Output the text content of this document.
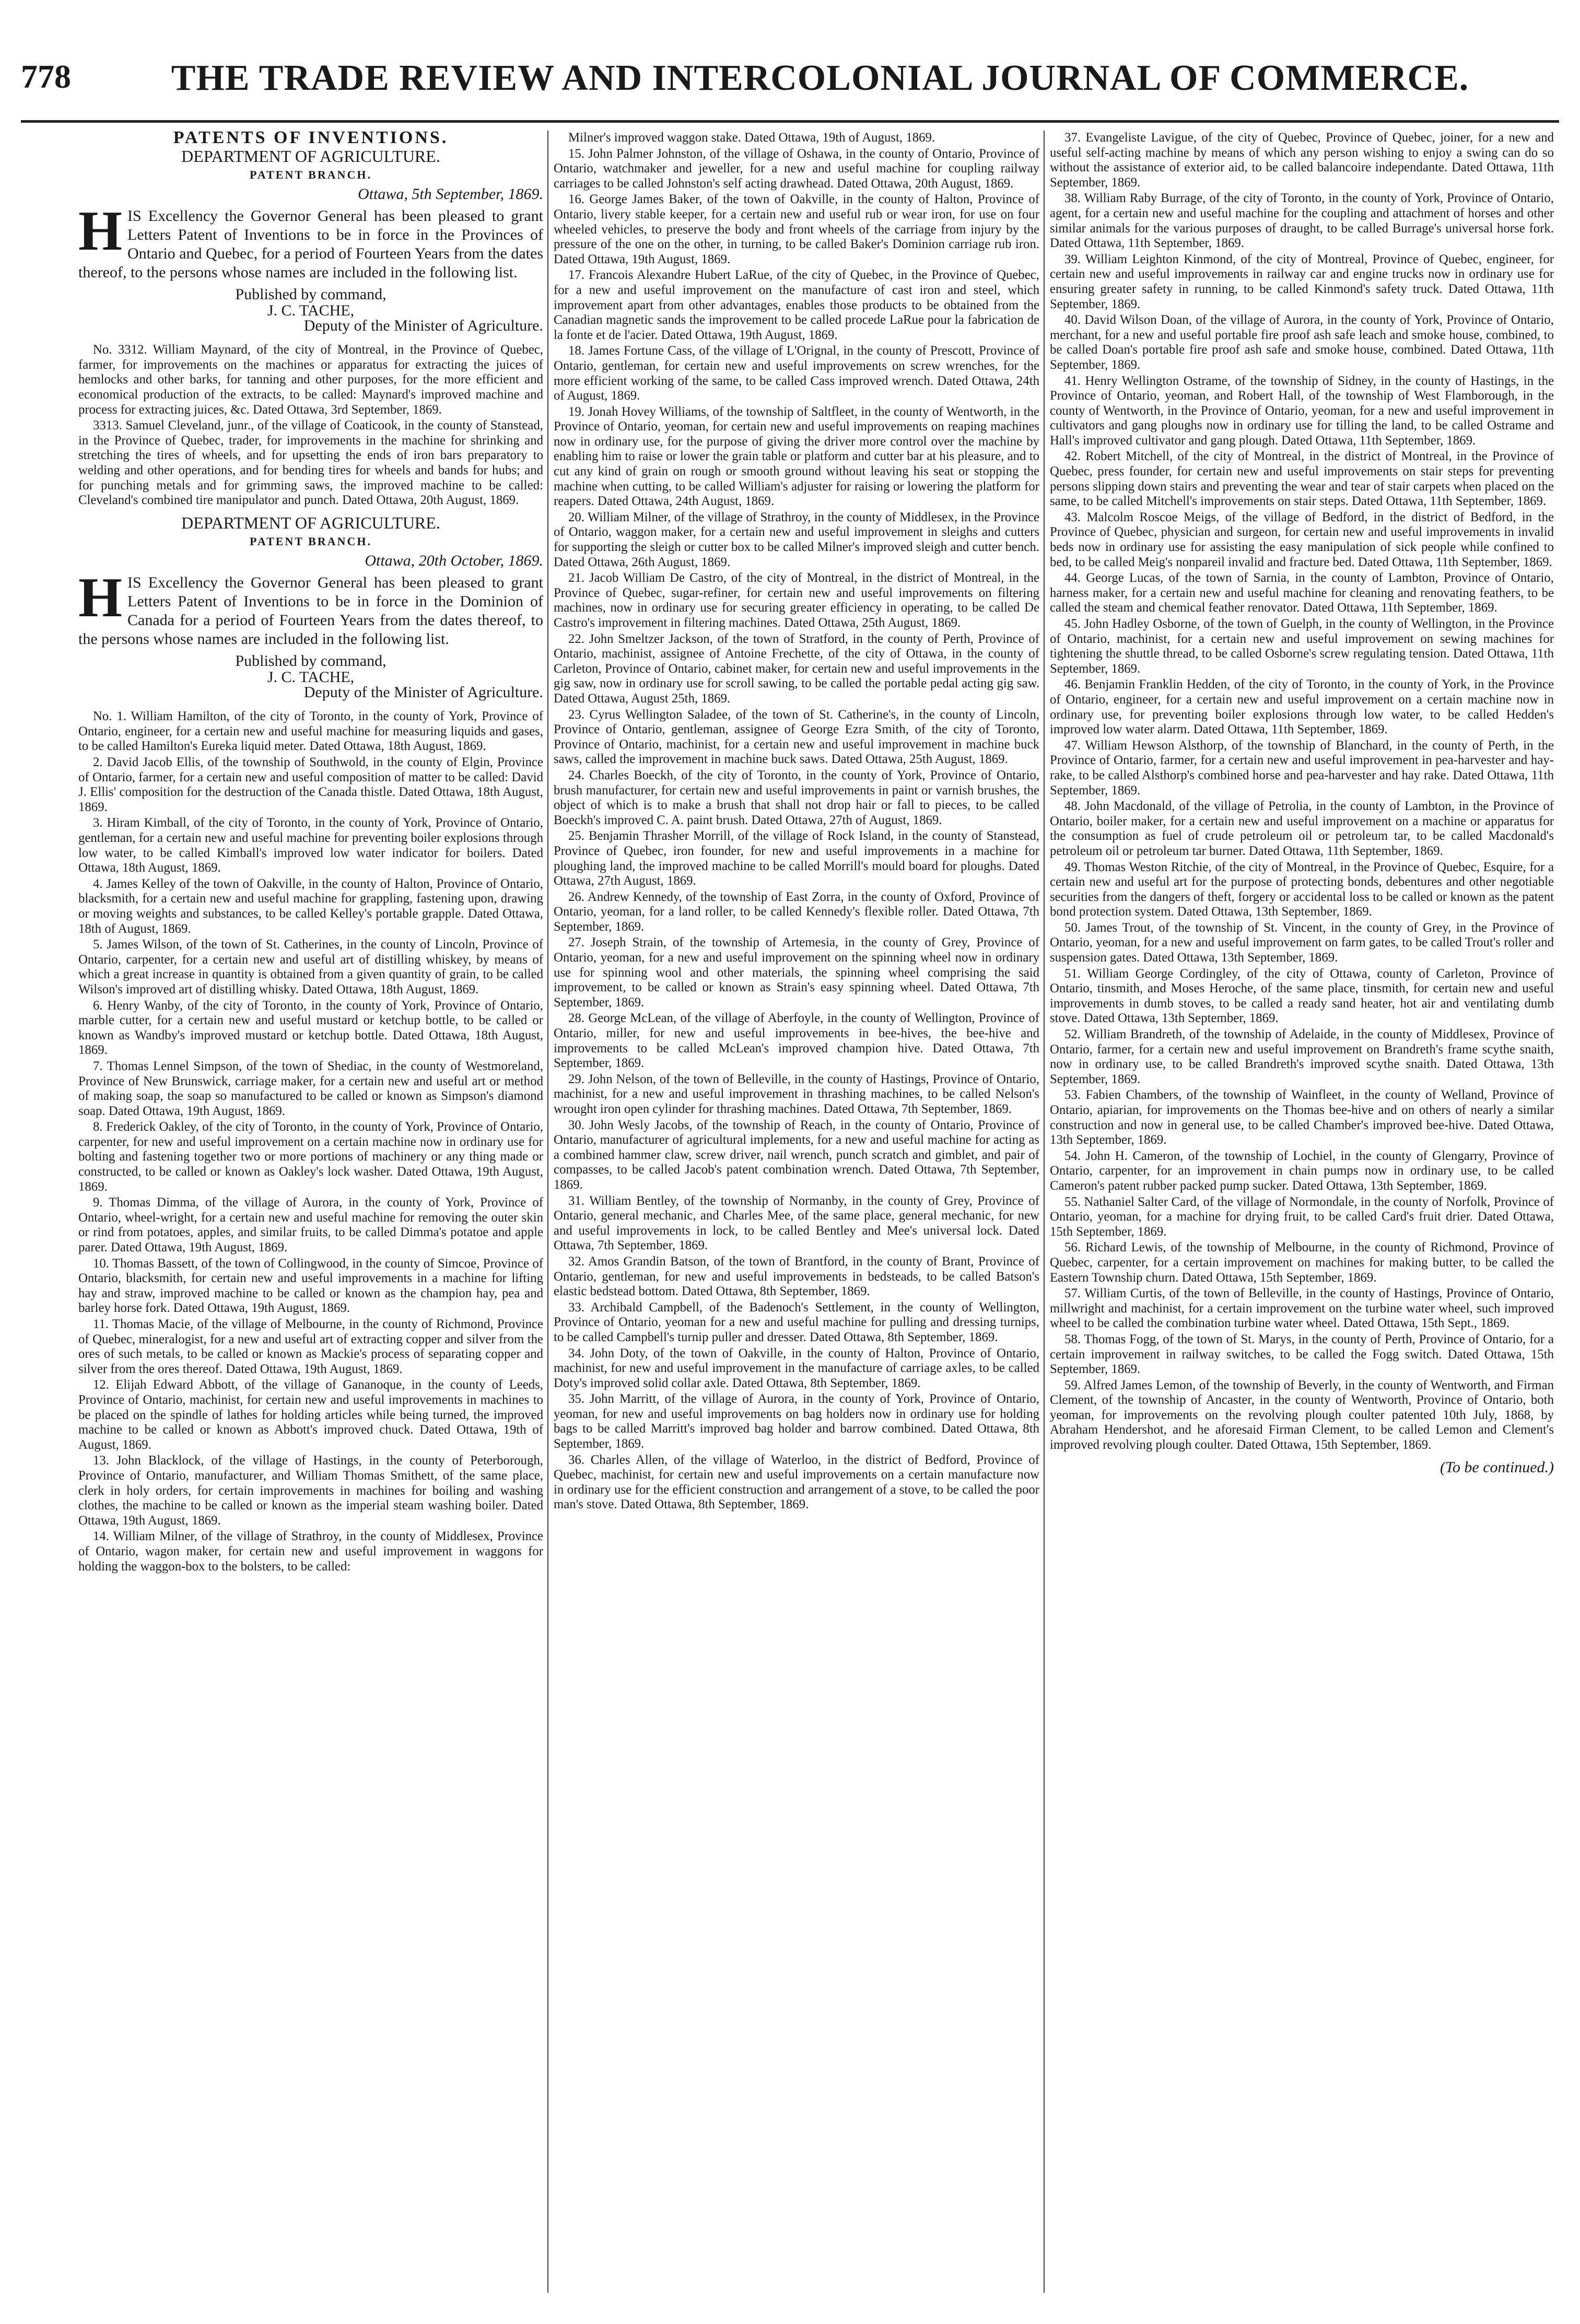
778	THE TRADE REVIEW AND INTERCOLONIAL JOURNAL OF COMMERCE.
PATENTS OF INVENTIONS.
DEPARTMENT OF AGRICULTURE.
PATENT BRANCH.
Ottawa, 5th September, 1869.
HIS Excellency the Governor General has been pleased to grant Letters Patent of Inventions to be in force in the Provinces of Ontario and Quebec, for a period of Fourteen Years from the dates thereof, to the persons whose names are included in the following list.
Published by command,
J. C. TACHE,
Deputy of the Minister of Agriculture.

No. 3312. William Maynard, of the city of Montreal, in the Province of Quebec, farmer, for improvements on the machines or apparatus for extracting the juices of hemlocks and other barks, for tanning and other purposes, for the more efficient and economical production of the extracts, to be called: Maynard's improved machine and process for extracting juices, &c. Dated Ottawa, 3rd September, 1869.

3313. Samuel Cleveland, junr., of the village of Coaticook, in the county of Stanstead, in the Province of Quebec, trader, for improvements in the machine for shrinking and stretching the tires of wheels, and for upsetting the ends of iron bars preparatory to welding and other operations, and for bending tires for wheels and bands for hubs; and for punching metals and for grimming saws, the improved machine to be called: Cleveland's combined tire manipulator and punch. Dated Ottawa, 20th August, 1869.

DEPARTMENT OF AGRICULTURE.
PATENT BRANCH.
Ottawa, 20th October, 1869.
HIS Excellency the Governor General has been pleased to grant Letters Patent of Inventions to be in force in the Dominion of Canada for a period of Fourteen Years from the dates thereof, to the persons whose names are included in the following list.
Published by command,
J. C. TACHE,
Deputy of the Minister of Agriculture.

No. 1. William Hamilton, of the city of Toronto, in the county of York, Province of Ontario, engineer, for a certain new and useful machine for measuring liquids and gases, to be called Hamilton's Eureka liquid meter. Dated Ottawa, 18th August, 1869.

2. David Jacob Ellis, of the township of Southwold, in the county of Elgin, Province of Ontario, farmer, for a certain new and useful composition of matter to be called: David J. Ellis' composition for the destruction of the Canada thistle. Dated Ottawa, 18th August, 1869.

3. Hiram Kimball, of the city of Toronto, in the county of York, Province of Ontario, gentleman, for a certain new and useful machine for preventing boiler explosions through low water, to be called Kimball's improved low water indicator for boilers. Dated Ottawa, 18th August, 1869.

4. James Kelley of the town of Oakville, in the county of Halton, Province of Ontario, blacksmith, for a certain new and useful machine for grappling, fastening upon, drawing or moving weights and substances, to be called Kelley's portable grapple. Dated Ottawa, 18th of August, 1869.

5. James Wilson, of the town of St. Catherines, in the county of Lincoln, Province of Ontario, carpenter, for a certain new and useful art of distilling whiskey, by means of which a great increase in quantity is obtained from a given quantity of grain, to be called Wilson's improved art of distilling whisky. Dated Ottawa, 18th August, 1869.

6. Henry Wanby, of the city of Toronto, in the county of York, Province of Ontario, marble cutter, for a certain new and useful mustard or ketchup bottle, to be called or known as Wandby's improved mustard or ketchup bottle. Dated Ottawa, 18th August, 1869.

7. Thomas Lennel Simpson, of the town of Shediac, in the county of Westmoreland, Province of New Brunswick, carriage maker, for a certain new and useful art or method of making soap, the soap so manufactured to be called or known as Simpson's diamond soap. Dated Ottawa, 19th August, 1869.

8. Frederick Oakley, of the city of Toronto, in the county of York, Province of Ontario, carpenter, for new and useful improvement on a certain machine now in ordinary use for bolting and fastening together two or more portions of machinery or any thing made or constructed, to be called or known as Oakley's lock washer. Dated Ottawa, 19th August, 1869.

9. Thomas Dimma, of the village of Aurora, in the county of York, Province of Ontario, wheel-wright, for a certain new and useful machine for removing the outer skin or rind from potatoes, apples, and similar fruits, to be called Dimma's potatoe and apple parer. Dated Ottawa, 19th August, 1869.

10. Thomas Bassett, of the town of Collingwood, in the county of Simcoe, Province of Ontario, blacksmith, for certain new and useful improvements in a machine for lifting hay and straw, improved machine to be called or known as the champion hay, pea and barley horse fork. Dated Ottawa, 19th August, 1869.

11. Thomas Macie, of the village of Melbourne, in the county of Richmond, Province of Quebec, mineralogist, for a new and useful art of extracting copper and silver from the ores of such metals, to be called or known as Mackie's process of separating copper and silver from the ores thereof. Dated Ottawa, 19th August, 1869.

12. Elijah Edward Abbott, of the village of Gananoque, in the county of Leeds, Province of Ontario, machinist, for certain new and useful improvements in machines to be placed on the spindle of lathes for holding articles while being turned, the improved machine to be called or known as Abbott's improved chuck. Dated Ottawa, 19th of August, 1869.

13. John Blacklock, of the village of Hastings, in the county of Peterborough, Province of Ontario, manufacturer, and William Thomas Smithett, of the same place, clerk in holy orders, for certain improvements in machines for boiling and washing clothes, the machine to be called or known as the imperial steam washing boiler. Dated Ottawa, 19th August, 1869.

14. William Milner, of the village of Strathroy, in the county of Middlesex, Province of Ontario, wagon maker, for certain new and useful improvement in waggons for holding the waggon-box to the bolsters, to be called:

Milner's improved waggon stake. Dated Ottawa, 19th of August, 1869.

15. John Palmer Johnston, of the village of Oshawa, in the county of Ontario, Province of Ontario, watchmaker and jeweller, for a new and useful machine for coupling railway carriages to be called Johnston's self acting drawhead. Dated Ottawa, 20th August, 1869.

16. George James Baker, of the town of Oakville, in the county of Halton, Province of Ontario, livery stable keeper, for a certain new and useful rub or wear iron, for use on four wheeled vehicles, to preserve the body and front wheels of the carriage from injury by the pressure of the one on the other, in turning, to be called Baker's Dominion carriage rub iron. Dated Ottawa, 19th August, 1869.

17. Francois Alexandre Hubert LaRue, of the city of Quebec, in the Province of Quebec, for a new and useful improvement on the manufacture of cast iron and steel, which improvement apart from other advantages, enables those products to be obtained from the Canadian magnetic sands the improvement to be called procede LaRue pour la fabrication de la fonte et de l'acier. Dated Ottawa, 19th August, 1869.

18. James Fortune Cass, of the village of L'Orignal, in the county of Prescott, Province of Ontario, gentleman, for certain new and useful improvements on screw wrenches, for the more efficient working of the same, to be called Cass improved wrench. Dated Ottawa, 24th of August, 1869.

19. Jonah Hovey Williams, of the township of Saltfleet, in the county of Wentworth, in the Province of Ontario, yeoman, for certain new and useful improvements on reaping machines now in ordinary use, for the purpose of giving the driver more control over the machine by enabling him to raise or lower the grain table or platform and cutter bar at his pleasure, and to cut any kind of grain on rough or smooth ground without leaving his seat or stopping the machine when cutting, to be called William's adjuster for raising or lowering the platform for reapers. Dated Ottawa, 24th August, 1869.

20. William Milner, of the village of Strathroy, in the county of Middlesex, in the Province of Ontario, waggon maker, for a certain new and useful improvement in sleighs and cutters for supporting the sleigh or cutter box to be called Milner's improved sleigh and cutter bench. Dated Ottawa, 26th August, 1869.

21. Jacob William De Castro, of the city of Montreal, in the district of Montreal, in the Province of Quebec, sugar-refiner, for certain new and useful improvements on filtering machines, now in ordinary use for securing greater efficiency in operating, to be called De Castro's improvement in filtering machines. Dated Ottawa, 25th August, 1869.

22. John Smeltzer Jackson, of the town of Stratford, in the county of Perth, Province of Ontario, machinist, assignee of Antoine Frechette, of the city of Ottawa, in the county of Carleton, Province of Ontario, cabinet maker, for certain new and useful improvements in the gig saw, now in ordinary use for scroll sawing, to be called the portable pedal acting gig saw. Dated Ottawa, August 25th, 1869.

23. Cyrus Wellington Saladee, of the town of St. Catherine's, in the county of Lincoln, Province of Ontario, gentleman, assignee of George Ezra Smith, of the city of Toronto, Province of Ontario, machinist, for a certain new and useful improvement in machine buck saws, called the improvement in machine buck saws. Dated Ottawa, 25th August, 1869.

24. Charles Boeckh, of the city of Toronto, in the county of York, Province of Ontario, brush manufacturer, for certain new and useful improvements in paint or varnish brushes, the object of which is to make a brush that shall not drop hair or fall to pieces, to be called Boeckh's improved C. A. paint brush. Dated Ottawa, 27th of August, 1869.

25. Benjamin Thrasher Morrill, of the village of Rock Island, in the county of Stanstead, Province of Quebec, iron founder, for new and useful improvements in a machine for ploughing land, the improved machine to be called Morrill's mould board for ploughs. Dated Ottawa, 27th August, 1869.

26. Andrew Kennedy, of the township of East Zorra, in the county of Oxford, Province of Ontario, yeoman, for a land roller, to be called Kennedy's flexible roller. Dated Ottawa, 7th September, 1869.

27. Joseph Strain, of the township of Artemesia, in the county of Grey, Province of Ontario, yeoman, for a new and useful improvement on the spinning wheel now in ordinary use for spinning wool and other materials, the spinning wheel comprising the said improvement, to be called or known as Strain's easy spinning wheel. Dated Ottawa, 7th September, 1869.

28. George McLean, of the village of Aberfoyle, in the county of Wellington, Province of Ontario, miller, for new and useful improvements in bee-hives, the bee-hive and improvements to be called McLean's improved champion hive. Dated Ottawa, 7th September, 1869.

29. John Nelson, of the town of Belleville, in the county of Hastings, Province of Ontario, machinist, for a new and useful improvement in thrashing machines, to be called Nelson's wrought iron open cylinder for thrashing machines. Dated Ottawa, 7th September, 1869.

30. John Wesly Jacobs, of the township of Reach, in the county of Ontario, Province of Ontario, manufacturer of agricultural implements, for a new and useful machine for acting as a combined hammer claw, screw driver, nail wrench, punch scratch and gimblet, and pair of compasses, to be called Jacob's patent combination wrench. Dated Ottawa, 7th September, 1869.

31. William Bentley, of the township of Normanby, in the county of Grey, Province of Ontario, general mechanic, and Charles Mee, of the same place, general mechanic, for new and useful improvements in lock, to be called Bentley and Mee's universal lock. Dated Ottawa, 7th September, 1869.

32. Amos Grandin Batson, of the town of Brantford, in the county of Brant, Province of Ontario, gentleman, for new and useful improvements in bedsteads, to be called Batson's elastic bedstead bottom. Dated Ottawa, 8th September, 1869.

33. Archibald Campbell, of the Badenoch's Settlement, in the county of Wellington, Province of Ontario, yeoman for a new and useful machine for pulling and dressing turnips, to be called Campbell's turnip puller and dresser. Dated Ottawa, 8th September, 1869.

34. John Doty, of the town of Oakville, in the county of Halton, Province of Ontario, machinist, for new and useful improvement in the manufacture of carriage axles, to be called Doty's improved solid collar axle. Dated Ottawa, 8th September, 1869.

35. John Marritt, of the village of Aurora, in the county of York, Province of Ontario, yeoman, for new and useful improvements on bag holders now in ordinary use for holding bags to be called Marritt's improved bag holder and barrow combined. Dated Ottawa, 8th September, 1869.

36. Charles Allen, of the village of Waterloo, in the district of Bedford, Province of Quebec, machinist, for certain new and useful improvements on a certain manufacture now in ordinary use for the efficient construction and arrangement of a stove, to be called the poor man's stove. Dated Ottawa, 8th September, 1869.

37. Evangeliste Lavigue, of the city of Quebec, Province of Quebec, joiner, for a new and useful self-acting machine by means of which any person wishing to enjoy a swing can do so without the assistance of exterior aid, to be called balancoire independante. Dated Ottawa, 11th September, 1869.

38. William Raby Burrage, of the city of Toronto, in the county of York, Province of Ontario, agent, for a certain new and useful machine for the coupling and attachment of horses and other similar animals for the various purposes of draught, to be called Burrage's universal horse fork. Dated Ottawa, 11th September, 1869.

39. William Leighton Kinmond, of the city of Montreal, Province of Quebec, engineer, for certain new and useful improvements in railway car and engine trucks now in ordinary use for ensuring greater safety in running, to be called Kinmond's safety truck. Dated Ottawa, 11th September, 1869.

40. David Wilson Doan, of the village of Aurora, in the county of York, Province of Ontario, merchant, for a new and useful portable fire proof ash safe leach and smoke house, combined, to be called Doan's portable fire proof ash safe and smoke house, combined. Dated Ottawa, 11th September, 1869.

41. Henry Wellington Ostrame, of the township of Sidney, in the county of Hastings, in the Province of Ontario, yeoman, and Robert Hall, of the township of West Flamborough, in the county of Wentworth, in the Province of Ontario, yeoman, for a new and useful improvement in cultivators and gang ploughs now in ordinary use for tilling the land, to be called Ostrame and Hall's improved cultivator and gang plough. Dated Ottawa, 11th September, 1869.

42. Robert Mitchell, of the city of Montreal, in the district of Montreal, in the Province of Quebec, press founder, for certain new and useful improvements on stair steps for preventing persons slipping down stairs and preventing the wear and tear of stair carpets when placed on the same, to be called Mitchell's improvements on stair steps. Dated Ottawa, 11th September, 1869.

43. Malcolm Roscoe Meigs, of the village of Bedford, in the district of Bedford, in the Province of Quebec, physician and surgeon, for certain new and useful improvements in invalid beds now in ordinary use for assisting the easy manipulation of sick people while confined to bed, to be called Meig's nonpareil invalid and fracture bed. Dated Ottawa, 11th September, 1869.

44. George Lucas, of the town of Sarnia, in the county of Lambton, Province of Ontario, harness maker, for a certain new and useful machine for cleaning and renovating feathers, to be called the steam and chemical feather renovator. Dated Ottawa, 11th September, 1869.

45. John Hadley Osborne, of the town of Guelph, in the county of Wellington, in the Province of Ontario, machinist, for a certain new and useful improvement on sewing machines for tightening the shuttle thread, to be called Osborne's screw regulating tension. Dated Ottawa, 11th September, 1869.

46. Benjamin Franklin Hedden, of the city of Toronto, in the county of York, in the Province of Ontario, engineer, for a certain new and useful improvement on a certain machine now in ordinary use, for preventing boiler explosions through low water, to be called Hedden's improved low water alarm. Dated Ottawa, 11th September, 1869.

47. William Hewson Alsthorp, of the township of Blanchard, in the county of Perth, in the Province of Ontario, farmer, for a certain new and useful improvement in pea-harvester and hay-rake, to be called Alsthorp's combined horse and pea-harvester and hay rake. Dated Ottawa, 11th September, 1869.

48. John Macdonald, of the village of Petrolia, in the county of Lambton, in the Province of Ontario, boiler maker, for a certain new and useful improvement on a machine or apparatus for the consumption as fuel of crude petroleum oil or petroleum tar, to be called Macdonald's petroleum oil or petroleum tar burner. Dated Ottawa, 11th September, 1869.

49. Thomas Weston Ritchie, of the city of Montreal, in the Province of Quebec, Esquire, for a certain new and useful art for the purpose of protecting bonds, debentures and other negotiable securities from the dangers of theft, forgery or accidental loss to be called or known as the patent bond protection system. Dated Ottawa, 13th September, 1869.

50. James Trout, of the township of St. Vincent, in the county of Grey, in the Province of Ontario, yeoman, for a new and useful improvement on farm gates, to be called Trout's roller and suspension gates. Dated Ottawa, 13th September, 1869.

51. William George Cordingley, of the city of Ottawa, county of Carleton, Province of Ontario, tinsmith, and Moses Heroche, of the same place, tinsmith, for certain new and useful improvements in dumb stoves, to be called a ready sand heater, hot air and ventilating dumb stove. Dated Ottawa, 13th September, 1869.

52. William Brandreth, of the township of Adelaide, in the county of Middlesex, Province of Ontario, farmer, for a certain new and useful improvement on Brandreth's frame scythe snaith, now in ordinary use, to be called Brandreth's improved scythe snaith. Dated Ottawa, 13th September, 1869.

53. Fabien Chambers, of the township of Wainfleet, in the county of Welland, Province of Ontario, apiarian, for improvements on the Thomas bee-hive and on others of nearly a similar construction and now in general use, to be called Chamber's improved bee-hive. Dated Ottawa, 13th September, 1869.

54. John H. Cameron, of the township of Lochiel, in the county of Glengarry, Province of Ontario, carpenter, for an improvement in chain pumps now in ordinary use, to be called Cameron's patent rubber packed pump sucker. Dated Ottawa, 13th September, 1869.

55. Nathaniel Salter Card, of the village of Normondale, in the county of Norfolk, Province of Ontario, yeoman, for a machine for drying fruit, to be called Card's fruit drier. Dated Ottawa, 15th September, 1869.

56. Richard Lewis, of the township of Melbourne, in the county of Richmond, Province of Quebec, carpenter, for a certain improvement on machines for making butter, to be called the Eastern Township churn. Dated Ottawa, 15th September, 1869.

57. William Curtis, of the town of Belleville, in the county of Hastings, Province of Ontario, millwright and machinist, for a certain improvement on the turbine water wheel, such improved wheel to be called the combination turbine water wheel. Dated Ottawa, 15th Sept., 1869.

58. Thomas Fogg, of the town of St. Marys, in the county of Perth, Province of Ontario, for a certain improvement in railway switches, to be called the Fogg switch. Dated Ottawa, 15th September, 1869.

59. Alfred James Lemon, of the township of Beverly, in the county of Wentworth, and Firman Clement, of the township of Ancaster, in the county of Wentworth, Province of Ontario, both yeoman, for improvements on the revolving plough coulter patented 10th July, 1868, by Abraham Hendershot, and he aforesaid Firman Clement, to be called Lemon and Clement's improved revolving plough coulter. Dated Ottawa, 15th September, 1869.

(To be continued.)
